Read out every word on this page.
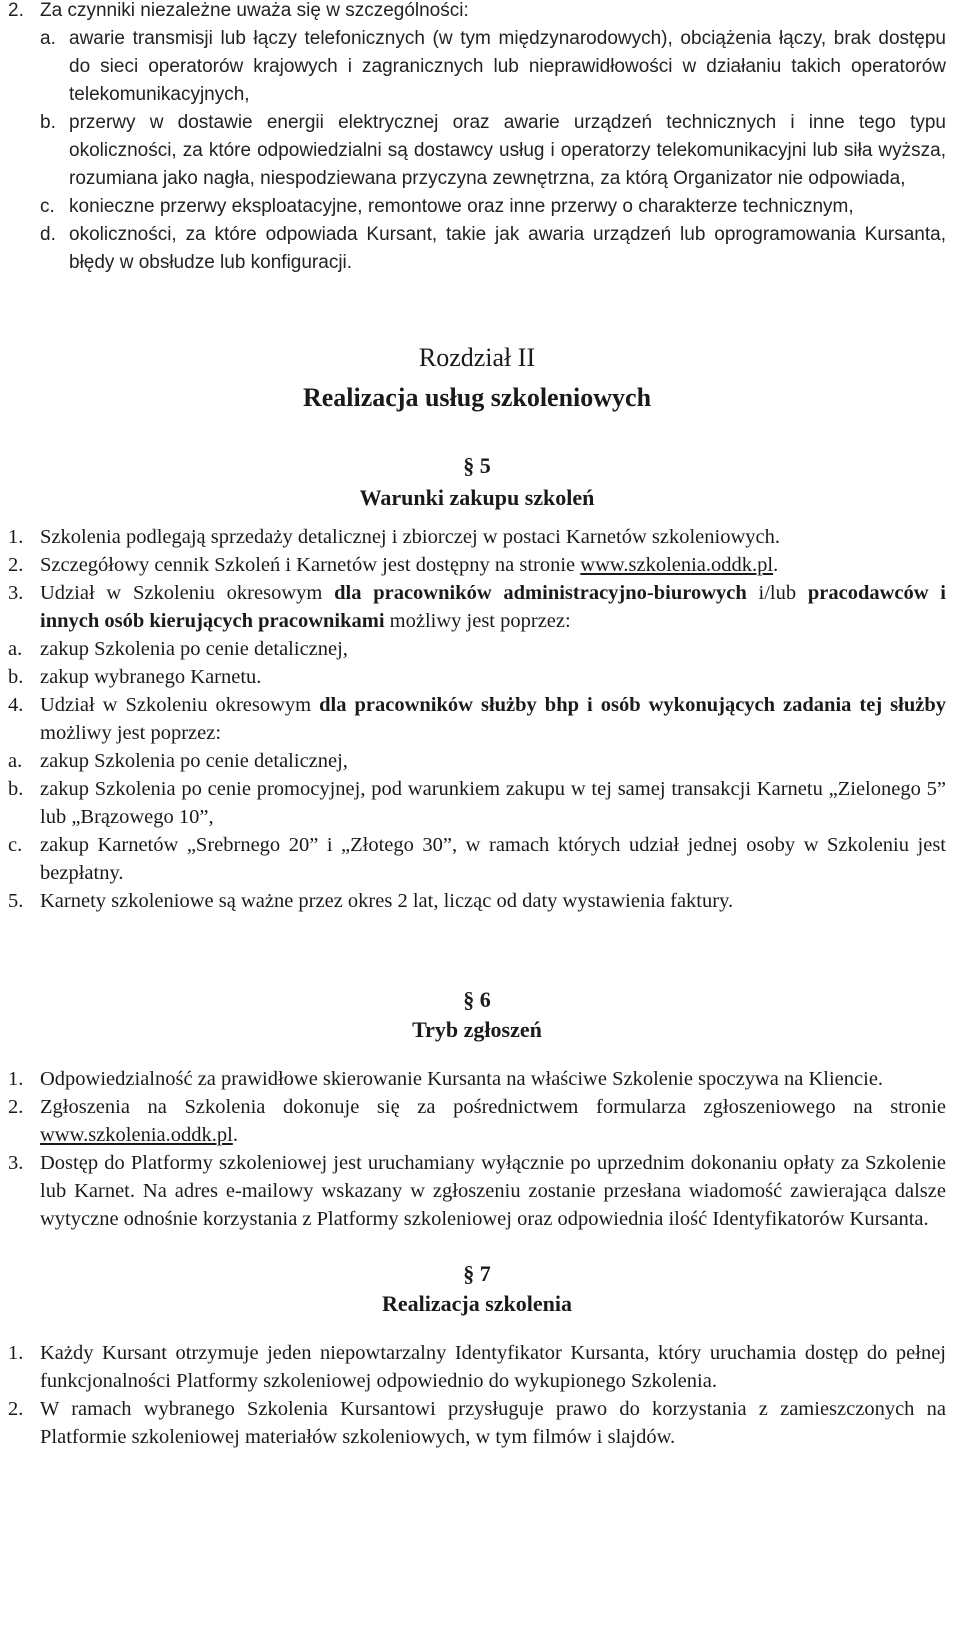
2. Za czynniki niezależne uważa się w szczególności:
a. awarie transmisji lub łączy telefonicznych (w tym międzynarodowych), obciążenia łączy, brak dostępu do sieci operatorów krajowych i zagranicznych lub nieprawidłowości w działaniu takich operatorów telekomunikacyjnych,
b. przerwy w dostawie energii elektrycznej oraz awarie urządzeń technicznych i inne tego typu okoliczności, za które odpowiedzialni są dostawcy usług i operatorzy telekomunikacyjni lub siła wyższa, rozumiana jako nagła, niespodziewana przyczyna zewnętrzna, za którą Organizator nie odpowiada,
c. konieczne przerwy eksploatacyjne, remontowe oraz inne przerwy o charakterze technicznym,
d. okoliczności, za które odpowiada Kursant, takie jak awaria urządzeń lub oprogramowania Kursanta, błędy w obsłudze lub konfiguracji.
Rozdział II
Realizacja usług szkoleniowych
§ 5
Warunki zakupu szkoleń
1. Szkolenia podlegają sprzedaży detalicznej i zbiorczej w postaci Karnetów szkoleniowych.
2. Szczegółowy cennik Szkoleń i Karnetów jest dostępny na stronie www.szkolenia.oddk.pl.
3. Udział w Szkoleniu okresowym dla pracowników administracyjno-biurowych i/lub pracodawców i innych osób kierujących pracownikami możliwy jest poprzez:
a. zakup Szkolenia po cenie detalicznej,
b. zakup wybranego Karnetu.
4. Udział w Szkoleniu okresowym dla pracowników służby bhp i osób wykonujących zadania tej służby możliwy jest poprzez:
a. zakup Szkolenia po cenie detalicznej,
b. zakup Szkolenia po cenie promocyjnej, pod warunkiem zakupu w tej samej transakcji Karnetu „Zielonego 5” lub „Brązowego 10”,
c. zakup Karnetów „Srebrnego 20” i „Złotego 30”, w ramach których udział jednej osoby w Szkoleniu jest bezpłatny.
5. Karnety szkoleniowe są ważne przez okres 2 lat, licząc od daty wystawienia faktury.
§ 6
Tryb zgłoszeń
1. Odpowiedzialność za prawidłowe skierowanie Kursanta na właściwe Szkolenie spoczywa na Kliencie.
2. Zgłoszenia na Szkolenia dokonuje się za pośrednictwem formularza zgłoszeniowego na stronie www.szkolenia.oddk.pl.
3. Dostęp do Platformy szkoleniowej jest uruchamiany wyłącznie po uprzednim dokonaniu opłaty za Szkolenie lub Karnet. Na adres e-mailowy wskazany w zgłoszeniu zostanie przesłana wiadomość zawierająca dalsze wytyczne odnośnie korzystania z Platformy szkoleniowej oraz odpowiednia ilość Identyfikatorów Kursanta.
§ 7
Realizacja szkolenia
1. Każdy Kursant otrzymuje jeden niepowtarzalny Identyfikator Kursanta, który uruchamia dostęp do pełnej funkcjonalności Platformy szkoleniowej odpowiednio do wykupionego Szkolenia.
2. W ramach wybranego Szkolenia Kursantowi przysługuje prawo do korzystania z zamieszczonych na Platformie szkoleniowej materiałów szkoleniowych, w tym filmów i slajdów.
